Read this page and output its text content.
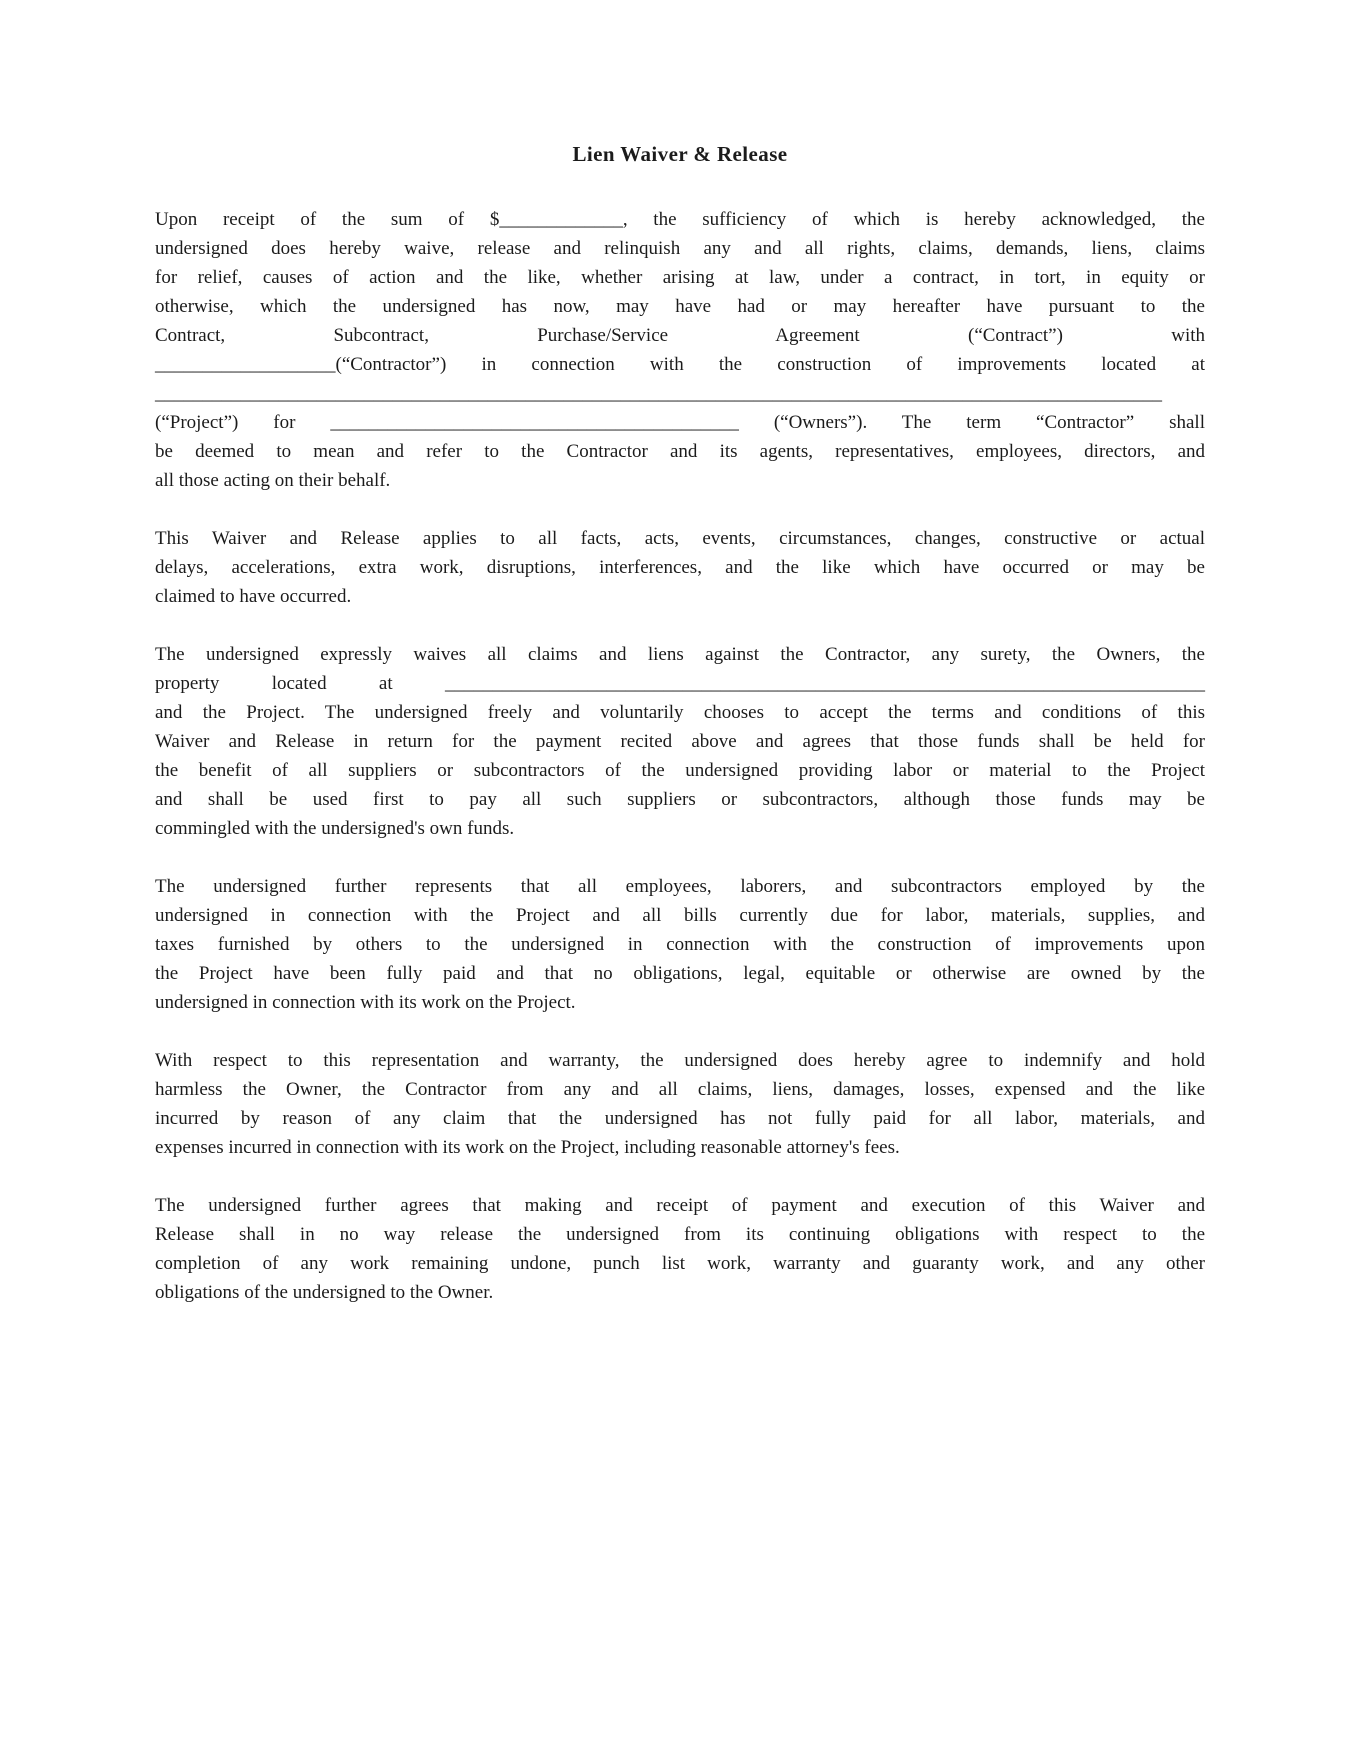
Lien Waiver & Release
Upon receipt of the sum of $_____________, the sufficiency of which is hereby acknowledged, the
undersigned does hereby waive, release and relinquish any and all rights, claims, demands, liens, claims
for relief, causes of action and the like, whether arising at law, under a contract, in tort, in equity or
otherwise, which the undersigned has now, may have had or may hereafter have pursuant to the
Contract, Subcontract, Purchase/Service Agreement (“Contract”) with
___________________(“Contractor”) in connection with the construction of improvements located at
__________________________________________________________________________________________________________
(“Project”) for ___________________________________________ (“Owners”). The term “Contractor” shall
be deemed to mean and refer to the Contractor and its agents, representatives, employees, directors, and
all those acting on their behalf.
This Waiver and Release applies to all facts, acts, events, circumstances, changes, constructive or actual
delays, accelerations, extra work, disruptions, interferences, and the like which have occurred or may be
claimed to have occurred.
The undersigned expressly waives all claims and liens against the Contractor, any surety, the Owners, the
property located at ________________________________________________________________________________
and the Project. The undersigned freely and voluntarily chooses to accept the terms and conditions of this
Waiver and Release in return for the payment recited above and agrees that those funds shall be held for
the benefit of all suppliers or subcontractors of the undersigned providing labor or material to the Project
and shall be used first to pay all such suppliers or subcontractors, although those funds may be
commingled with the undersigned's own funds.
The undersigned further represents that all employees, laborers, and subcontractors employed by the
undersigned in connection with the Project and all bills currently due for labor, materials, supplies, and
taxes furnished by others to the undersigned in connection with the construction of improvements upon
the Project have been fully paid and that no obligations, legal, equitable or otherwise are owned by the
undersigned in connection with its work on the Project.
With respect to this representation and warranty, the undersigned does hereby agree to indemnify and hold
harmless the Owner, the Contractor from any and all claims, liens, damages, losses, expensed and the like
incurred by reason of any claim that the undersigned has not fully paid for all labor, materials, and
expenses incurred in connection with its work on the Project, including reasonable attorney's fees.
The undersigned further agrees that making and receipt of payment and execution of this Waiver and
Release shall in no way release the undersigned from its continuing obligations with respect to the
completion of any work remaining undone, punch list work, warranty and guaranty work, and any other
obligations of the undersigned to the Owner.
